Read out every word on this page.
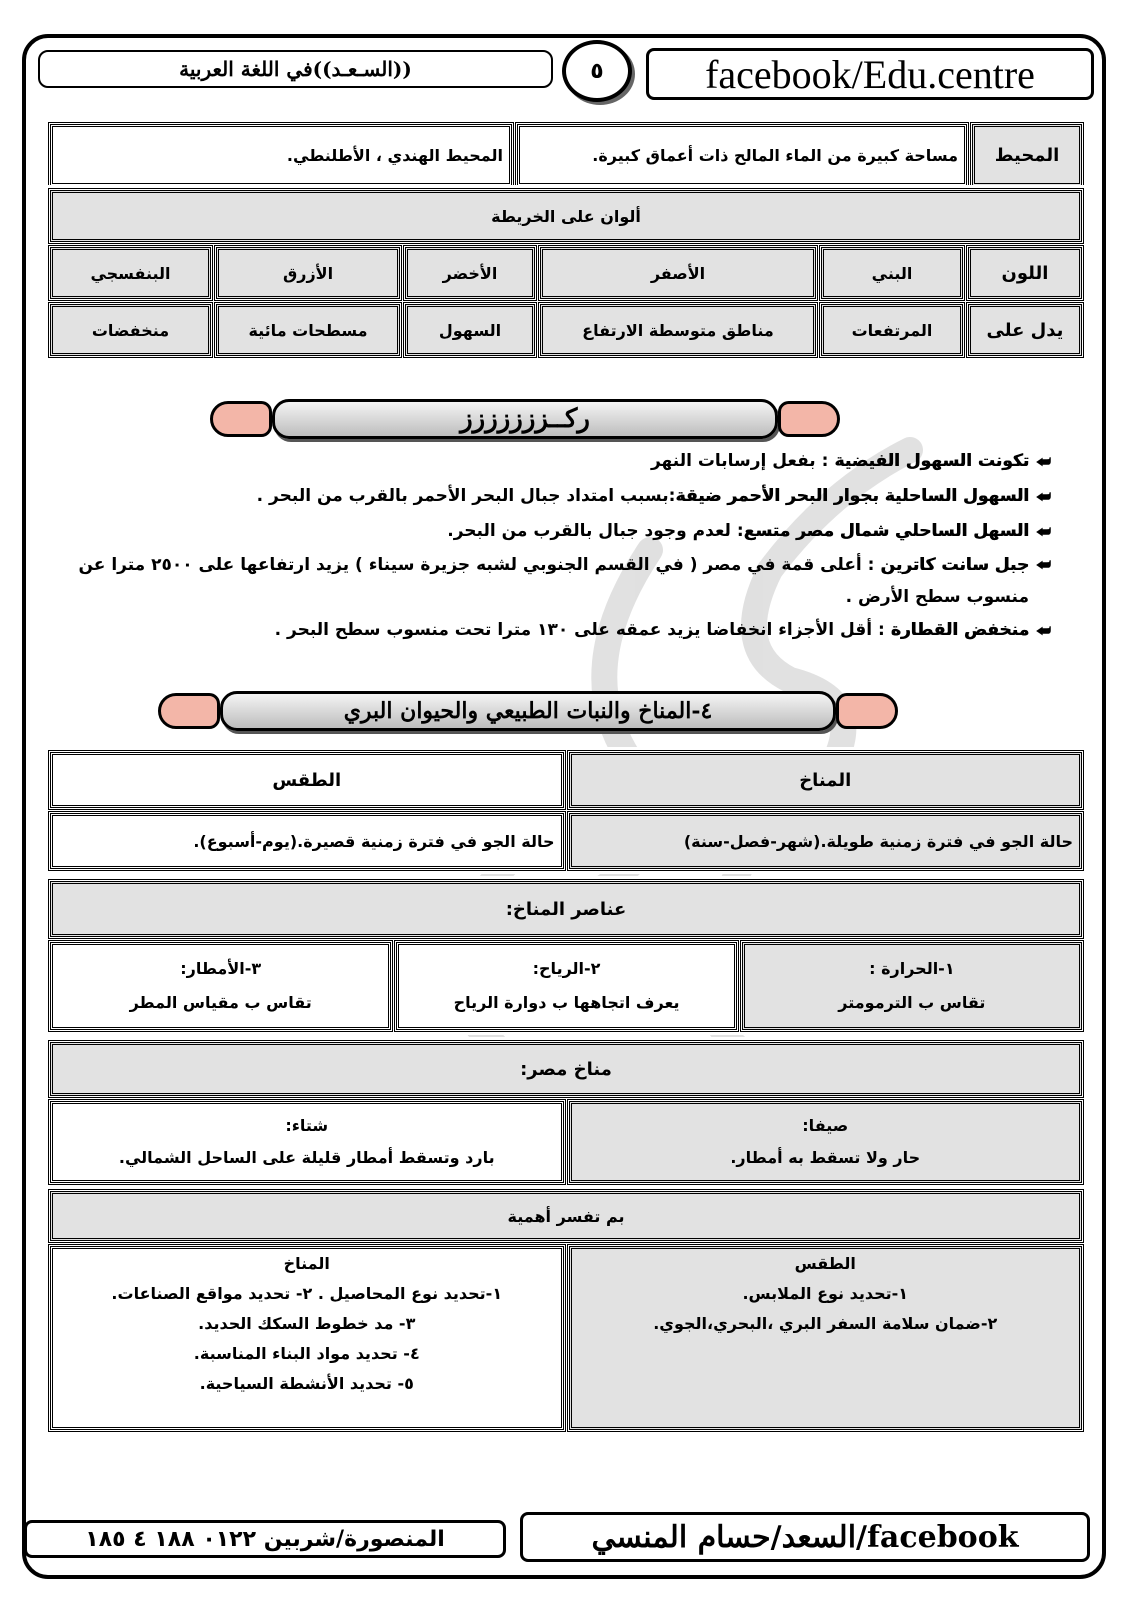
((السـعـد))في اللغة العربية	٥	facebook/Edu.centre
المحيط	مساحة كبيرة من الماء المالح ذات أعماق كبيرة.	المحيط الهندي ، الأطلنطي.
ألوان على الخريطة					
اللون	البني	الأصفر	الأخضر	الأزرق	البنفسجي
يدل على	المرتفعات	مناطق متوسطة الارتفاع	السهول	مسطحات مائية	منخفضات
ركــززززززز
⮨
تكونت السهول الفيضية : بفعل إرسابات النهر
⮨
السهول الساحلية بجوار البحر الأحمر ضيقة:بسبب امتداد جبال البحر الأحمر بالقرب من البحر .
⮨
السهل الساحلي شمال مصر متسع: لعدم وجود جبال بالقرب من البحر.
⮨
جبل سانت كاترين : أعلى قمة في مصر ( في القسم الجنوبي لشبه جزيرة سيناء ) يزيد ارتفاعها على ٢٥٠٠ مترا عن منسوب سطح الأرض .
⮨
منخفض القطارة : أقل الأجزاء انخفاضا يزيد عمقه على ١٣٠ مترا تحت منسوب سطح البحر .
٤-المناخ والنبات الطبيعي والحيوان البري
المناخ	الطقس
حالة الجو في فترة زمنية طويلة.(شهر-فصل-سنة)	حالة الجو في فترة زمنية قصيرة.(يوم-أسبوع).
عناصر المناخ:

١-الحرارة :
تقاس ب الترمومتر

٢-الرياح:
يعرف اتجاهها ب دوارة الرياح

٣-الأمطار:
تقاس ب مقياس المطر
مناخ مصر:

صيفا:
حار ولا تسقط به أمطار.

شتاء:
بارد وتسقط أمطار قليلة على الساحل الشمالي.
بم تفسر أهمية

الطقس
١-تحديد نوع الملابس.
٢-ضمان سلامة السفر البري ،البحري،الجوي.

المناخ
١-تحديد نوع المحاصيل . ٢- تحديد مواقع الصناعات.
٣- مد خطوط السكك الحديد.
٤- تحديد مواد البناء المناسبة.
٥- تحديد الأنشطة السياحية.
المنصورة/شربين ٠١٢٢ ١٨٨ ٤ ١٨٥	السعد/حسام المنسي/facebook
